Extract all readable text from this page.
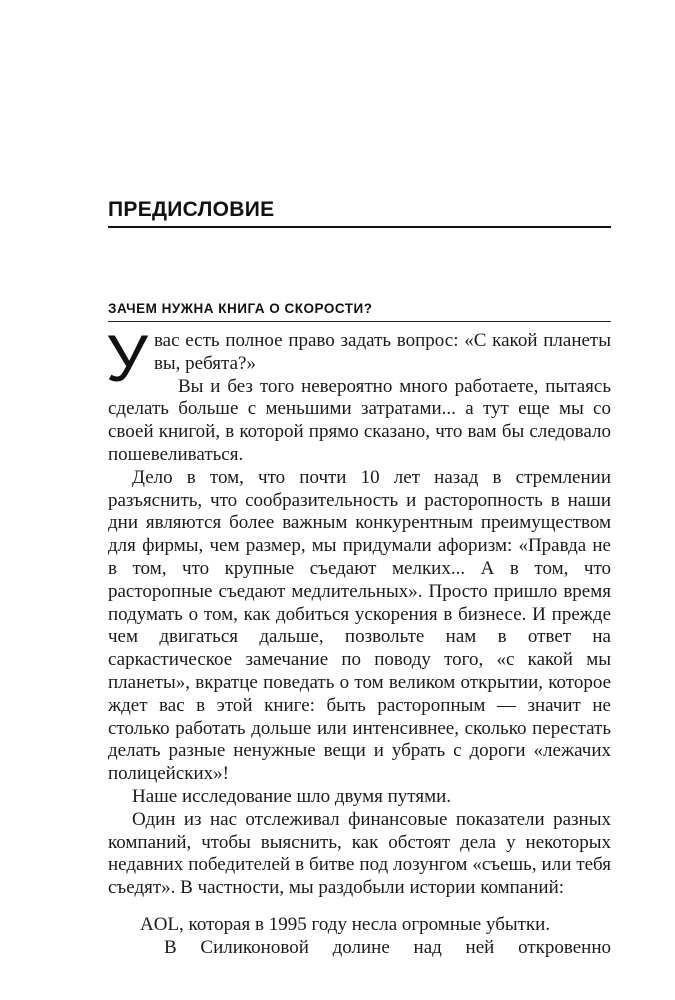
ПРЕДИСЛОВИЕ
ЗАЧЕМ НУЖНА КНИГА О СКОРОСТИ?

Увас есть полное право задать вопрос: «С какой планеты вы, ребята?»

Вы и без того невероятно много работаете, пытаясь сделать больше с меньшими затратами... а тут еще мы со своей книгой, в которой прямо сказано, что вам бы следовало пошевеливаться.

Дело в том, что почти 10 лет назад в стремлении разъяснить, что сообразительность и расторопность в наши дни являются более важным конкурентным преимуществом для фирмы, чем размер, мы придумали афоризм: «Правда не в том, что крупные съедают мелких... А в том, что расторопные съедают медлительных». Просто пришло время подумать о том, как добиться ускорения в бизнесе. И прежде чем двигаться дальше, позвольте нам в ответ на саркастическое замечание по поводу того, «с какой мы планеты», вкратце поведать о том великом открытии, которое ждет вас в этой книге: быть расторопным — значит не столько работать дольше или интенсивнее, сколько перестать делать разные ненужные вещи и убрать с дороги «лежачих полицейских»!

Наше исследование шло двумя путями.

Один из нас отслеживал финансовые показатели разных компаний, чтобы выяснить, как обстоят дела у некоторых недавних победителей в битве под лозунгом «съешь, или тебя съедят». В частности, мы раздобыли истории компаний:

AOL, которая в 1995 году несла огромные убытки.

В Силиконовой долине над ней откровенно
